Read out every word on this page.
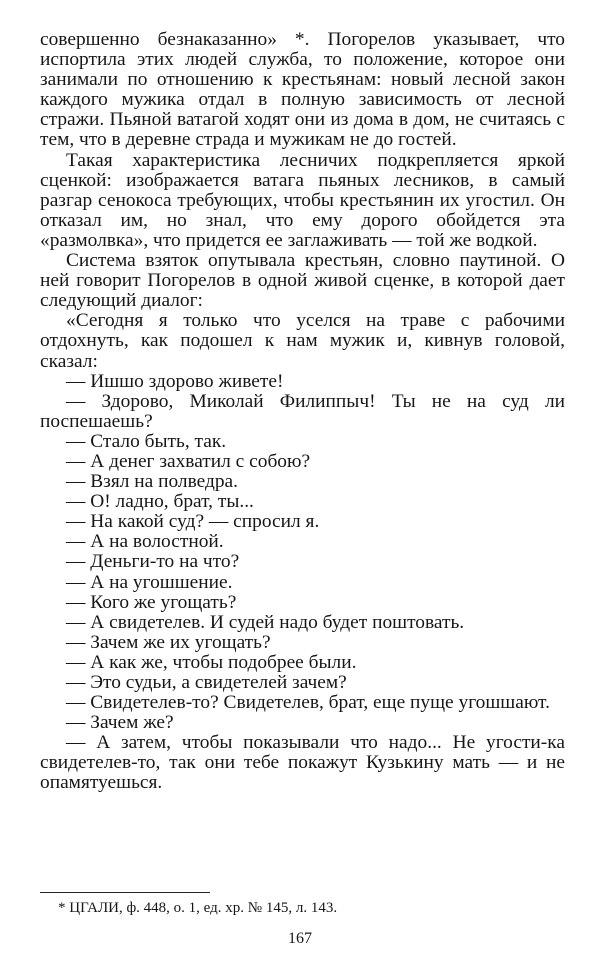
совершенно безнаказанно» *. Погорелов указывает, что испортила этих людей служба, то положение, которое они занимали по отношению к крестьянам: новый лесной закон каждого мужика отдал в полную зависимость от лесной стражи. Пьяной ватагой ходят они из дома в дом, не считаясь с тем, что в деревне страда и мужикам не до гостей.
Такая характеристика лесничих подкрепляется яркой сценкой: изображается ватага пьяных лесников, в самый разгар сенокоса требующих, чтобы крестьянин их угостил. Он отказал им, но знал, что ему дорого обойдется эта «размолвка», что придется ее заглаживать — той же водкой.
Система взяток опутывала крестьян, словно паутиной. О ней говорит Погорелов в одной живой сценке, в которой дает следующий диалог:
«Сегодня я только что уселся на траве с рабочими отдохнуть, как подошел к нам мужик и, кивнув головой, сказал:
— Ишшо здорово живете!
— Здорово, Миколай Филиппыч! Ты не на суд ли поспешаешь?
— Стало быть, так.
— А денег захватил с собою?
— Взял на полведра.
— О! ладно, брат, ты...
— На какой суд? — спросил я.
— А на волостной.
— Деньги-то на что?
— А на угошшение.
— Кого же угощать?
— А свидетелев. И судей надо будет поштовать.
— Зачем же их угощать?
— А как же, чтобы подобрее были.
— Это судьи, а свидетелей зачем?
— Свидетелев-то? Свидетелев, брат, еще пуще угошшают.
— Зачем же?
— А затем, чтобы показывали что надо... Не угости-ка свидетелев-то, так они тебе покажут Кузькину мать — и не опамятуешься.
* ЦГАЛИ, ф. 448, о. 1, ед. хр. № 145, л. 143.
167
